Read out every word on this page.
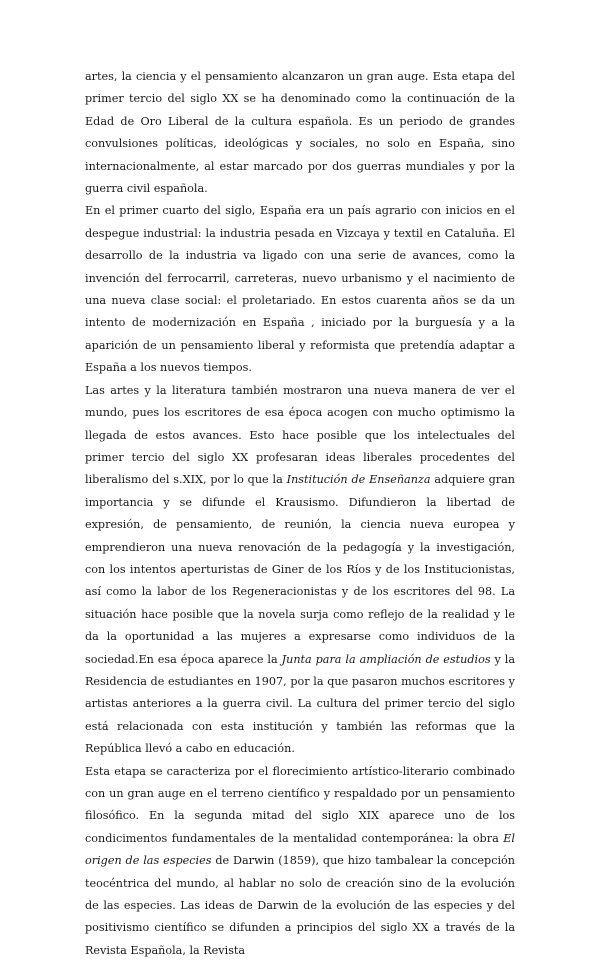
artes, la ciencia y el pensamiento alcanzaron un gran auge. Esta etapa del primer tercio del siglo XX se ha denominado como la continuación de la Edad de Oro Liberal de la cultura española. Es un periodo de grandes convulsiones políticas, ideológicas y sociales, no solo en España, sino internacionalmente, al estar marcado por dos guerras mundiales y por la guerra civil española.

En el primer cuarto del siglo, España era un país agrario con inicios en el despegue industrial: la industria pesada en Vizcaya y textil en Cataluña. El desarrollo de la industria va ligado con una serie de avances, como la invención del ferrocarril, carreteras, nuevo urbanismo y el nacimiento de una nueva clase social: el proletariado. En estos cuarenta años se da un intento de modernización en España , iniciado por la burguesía y a la aparición de un pensamiento liberal y reformista que pretendía adaptar a España a los nuevos tiempos.

Las artes y la literatura también mostraron una nueva manera de ver el mundo, pues los escritores de esa época acogen con mucho optimismo la llegada de estos avances. Esto hace posible que los intelectuales del primer tercio del siglo XX profesaran ideas liberales procedentes del liberalismo del s.XIX, por lo que la Institución de Enseñanza adquiere gran importancia y se difunde el Krausismo. Difundieron la libertad de expresión, de pensamiento, de reunión, la ciencia nueva europea y emprendieron una nueva renovación de la pedagogía y la investigación, con los intentos aperturistas de Giner de los Ríos y de los Institucionistas, así como la labor de los Regeneracionistas y de los escritores del 98. La situación hace posible que la novela surja como reflejo de la realidad y le da la oportunidad a las mujeres a expresarse como individuos de la sociedad.En esa época aparece la Junta para la ampliación de estudios y la Residencia de estudiantes en 1907, por la que pasaron muchos escritores y artistas anteriores a la guerra civil. La cultura del primer tercio del siglo está relacionada con esta institución y también las reformas que la República llevó a cabo en educación.

Esta etapa se caracteriza por el florecimiento artístico-literario combinado con un gran auge en el terreno científico y respaldado por un pensamiento filosófico. En la segunda mitad del siglo XIX aparece uno de los condicimentos fundamentales de la mentalidad contemporánea: la obra El origen de las especies de Darwin (1859), que hizo tambalear la concepción teocéntrica del mundo, al hablar no solo de creación sino de la evolución de las especies. Las ideas de Darwin de la evolución de las especies y del positivismo científico se difunden a principios del siglo XX a través de la Revista Española, la Revista
